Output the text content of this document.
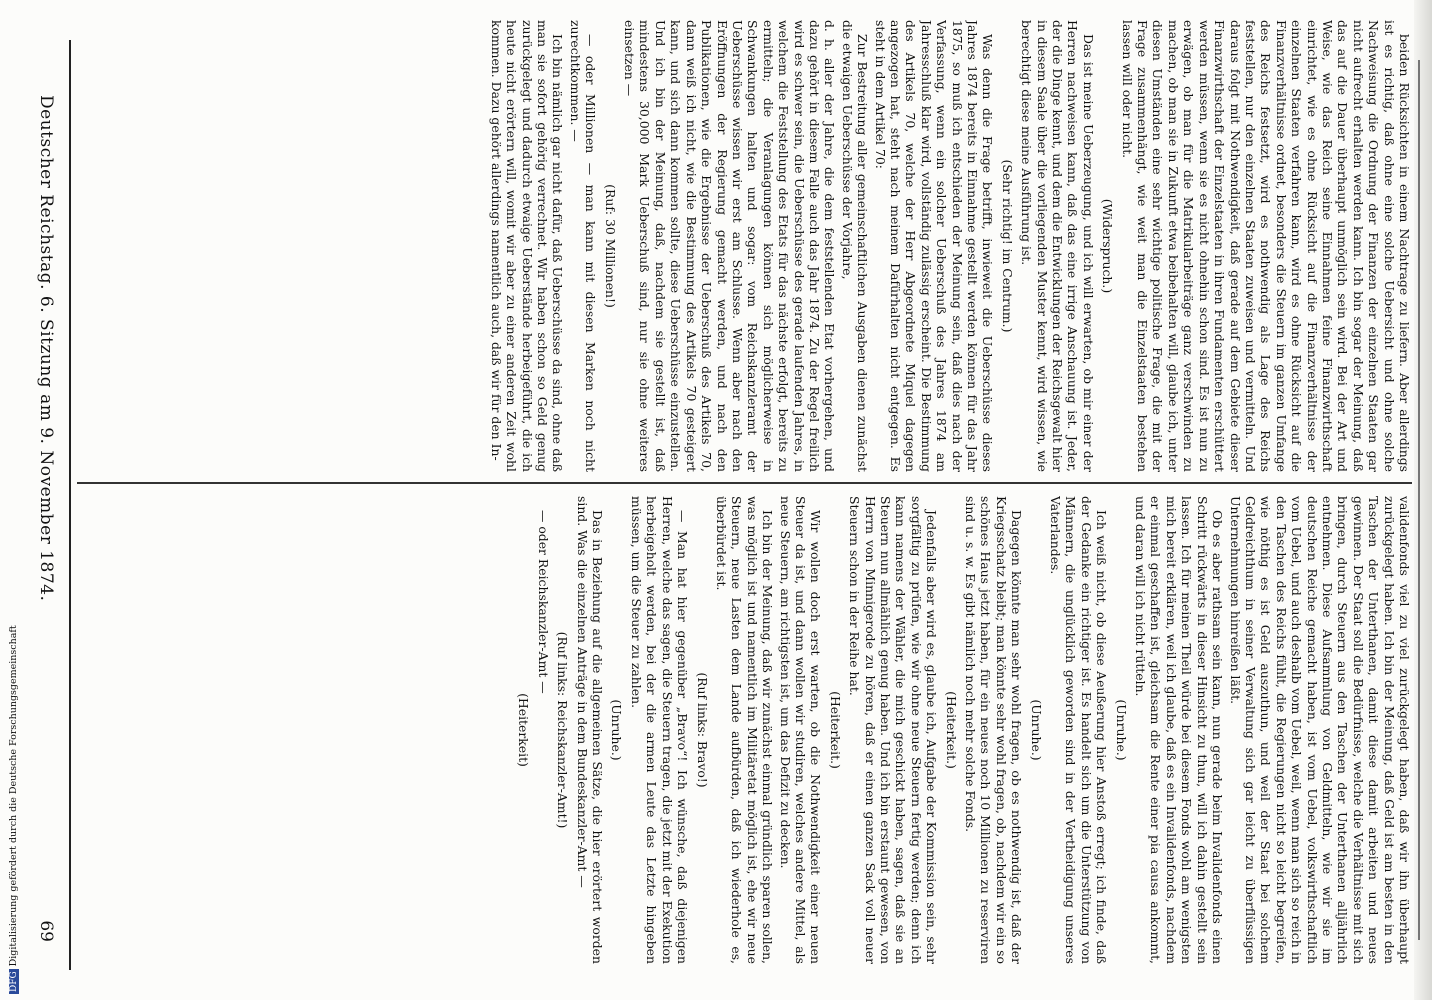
Deutscher Reichstag. 6. Sitzung am 9. November 1874.
69

beiden Rücksichten in einem Nachtrage zu liefern. Aber allerdings ist es richtig, daß ohne eine solche Uebersicht und ohne solche Nachweisung die Ordnung der Finanzen der einzelnen Staaten gar nicht aufrecht erhalten werden kann. Ich bin sogar der Meinung, daß das auf die Dauer überhaupt unmöglich sein wird. Bei der Art und Weise, wie das Reich seine Einnahmen feine Finanzwirthschaft einrichtet, wie es ohne Rücksicht auf die Finanzverhältnisse der einzelnen Staaten verfahren kann, wird es ohne Rücksicht auf die Finanzverhältnisse ordnet, besonders die Steuern im ganzen Umfange des Reichs festsetzt, wird es nothwendig als Lage des Reichs feststellen, nur den einzelnen Staaten zuweisen und vermitteln. Und daraus folgt mit Nothwendigkeit, daß gerade auf dem Gebiete dieser Finanzwirthschaft der Einzelstaaten in ihren Fundamenten erschüttert werden müssen, wenn sie es nicht ohnehin schon sind. Es ist nun zu erwägen, ob man für die Matrikularbeiträge ganz verschwinden zu machen, ob man sie in Zukunft etwa beibehalten will, glaube ich, unter diesen Umständen eine sehr wichtige politische Frage, die mit der Frage zusammenhängt, wie weit man die Einzelstaaten bestehen lassen will oder nicht.

(Widerspruch.)

Das ist meine Ueberzeugung, und ich will erwarten, ob mir einer der Herren nachweisen kann, daß das eine irrige Anschauung ist. Jeder, der die Dinge kennt, und dem die Entwicklungen der Reichsgewalt hier in diesem Saale über die vorliegenden Muster kennt, wird wissen, wie berechtigt diese meine Ausführung ist.

(Sehr richtig! im Centrum.)

Was denn die Frage betrifft, inwieweit die Ueberschüsse dieses Jahres 1874 bereits in Einnahme gestellt werden können für das Jahr 1875, so muß ich entschieden der Meinung sein, daß dies nach der Verfassung, wenn ein solcher Ueberschuß des Jahres 1874 am Jahresschluß klar wird, vollständig zulässig erscheint. Die Bestimmung des Artikels 70, welche der Herr Abgeordnete Miquel dagegen angezogen hat, steht nach meinem Dafürhalten nicht entgegen. Es steht in dem Artikel 70:

Zur Bestreitung aller gemeinschaftlichen Ausgaben dienen zunächst die etwaigen Ueberschüsse der Vorjahre,

d. h. aller der Jahre, die dem feststellenden Etat vorhergehen, und dazu gehört in diesem Falle auch das Jahr 1874. Zu der Regel freilich wird es schwer sein, die Ueberschüsse des gerade laufenden Jahres, in welchem die Feststellung des Etats für das nächste erfolgt, bereits zu ermitteln; die Veranlagungen können sich möglicherweise in Schwankungen halten und sogar: vom Reichskanzleramt der Ueberschüsse wissen wir erst am Schlusse. Wenn aber nach den Eröffnungen der Regierung gemacht werden, und nach den Publikationen, wie die Ergebnisse der Ueberschuß des Artikels 70, dann weiß ich nicht, wie die Bestimmung des Artikels 70 gesteigert kann, und sich dann kommen sollte, diese Ueberschüsse einzustellen. Und ich bin der Meinung, daß, nachdem sie gestellt ist, daß mindestens 30,000 Mark Ueberschuß sind, nur sie ohne weiteres einsetzen —

(Ruf: 30 Millionen!)

— oder Millionen — man kann mit diesen Marken noch nicht zurechtkommen. —

Ich bin nämlich gar nicht dafür, daß Ueberschüsse da sind, ohne daß man sie sofort gehörig verrechnet. Wir haben schon so Geld genug zurückgelegt und dadurch etwaige Ueberstände herbeigeführt, die ich heute nicht erörtern will, womit wir aber zu einer anderen Zeit wohl kommen. Dazu gehört allerdings namentlich auch, daß wir für den In-

validenfonds viel zu viel zurückgelegt haben, daß wir ihn überhaupt zurückgelegt haben. Ich bin der Meinung, daß Geld ist am besten in den Taschen der Unterthanen, damit diese damit arbeiten und neues gewinnen. Der Staat soll die Bedürfnisse, welche die Verhältnisse mit sich bringen, durch Steuern aus den Taschen der Unterthanen alljährlich entnehmen. Diese Aufsammlung von Geldmitteln, wie wir sie im deutschen Reiche gemacht haben, ist vom Uebel, volkswirthschaftlich vom Uebel, und auch deshalb vom Uebel, weil, wenn man sich so reich in den Taschen des Reichs fühlt, die Regierungen nicht so leicht begreifen, wie nöthig es ist Geld auszuthun, und weil der Staat bei solchem Geldreichthum in seiner Verwaltung sich gar leicht zu überflüssigen Unternehmungen hinreißen läßt.

Ob es aber rathsam sein kann, nun gerade beim Invalidenfonds einen Schritt rückwärts in dieser Hinsicht zu thun, will ich dahin gestellt sein lassen. Ich für meinen Theil würde bei diesem Fonds wohl am wenigsten mich bereit erklären, weil ich glaube, daß es ein Invalidenfonds, nachdem er einmal geschaffen ist, gleichsam die Rente einer pia causa ankommt, und daran will ich nicht rütteln.

(Unruhe.)

Ich weiß nicht, ob diese Aeußerung hier Anstoß erregt; ich finde, daß der Gedanke ein richtiger ist. Es handelt sich um die Unterstützung von Männern, die unglücklich geworden sind in der Vertheidigung unseres Vaterlandes.

(Unruhe.)

Dagegen könnte man sehr wohl fragen, ob es nothwendig ist, daß der Kriegsschatz bleibt; man könnte sehr wohl fragen, ob, nachdem wir ein so schönes Haus jetzt haben, für ein neues noch 10 Millionen zu reserviren sind u. s. w. Es gibt nämlich noch mehr solche Fonds.

(Heiterkeit.)

Jedenfalls aber wird es, glaube ich, Aufgabe der Kommission sein, sehr sorgfältig zu prüfen, wie wir ohne neue Steuern fertig werden; denn ich kann namens der Wähler, die mich geschickt haben, sagen, daß sie an Steuern nun allmählich genug haben. Und ich bin erstaunt gewesen, von Herrn von Minnigerode zu hören, daß er einen ganzen Sack voll neuer Steuern schon in der Reihe hat.

(Heiterkeit.)

Wir wollen doch erst warten, ob die Nothwendigkeit einer neuen Steuer da ist, und dann wollen wir studiren, welches andere Mittel, als neue Steuern, am richtigsten ist, um das Defizit zu decken.

Ich bin der Meinung, daß wir zunächst einmal gründlich sparen sollen, was möglich ist und namentlich im Militäretat möglich ist, ehe wir neue Steuern, neue Lasten dem Lande aufbürden, daß ich wiederhole es, überbürdet ist.

(Ruf links: Bravo!)

— Man hat hier gegenüber „Bravo“! Ich wünsche, daß diejenigen Herren, welche das sagen, die Steuern tragen, die jetzt mit der Exekution herbeigeholt werden, bei der die armen Leute das Letzte hingeben müssen, um die Steuer zu zahlen.

(Unruhe.)

Das in Beziehung auf die allgemeinen Sätze, die hier erörtert worden sind. Was die einzelnen Anträge in dem Bundeskanzler-Amt —

(Ruf links: Reichskanzler-Amt!)

— oder Reichskanzler-Amt —

(Heiterkeit)

DFGDigitalisierung gefördert durch die Deutsche Forschungsgemeinschaft
